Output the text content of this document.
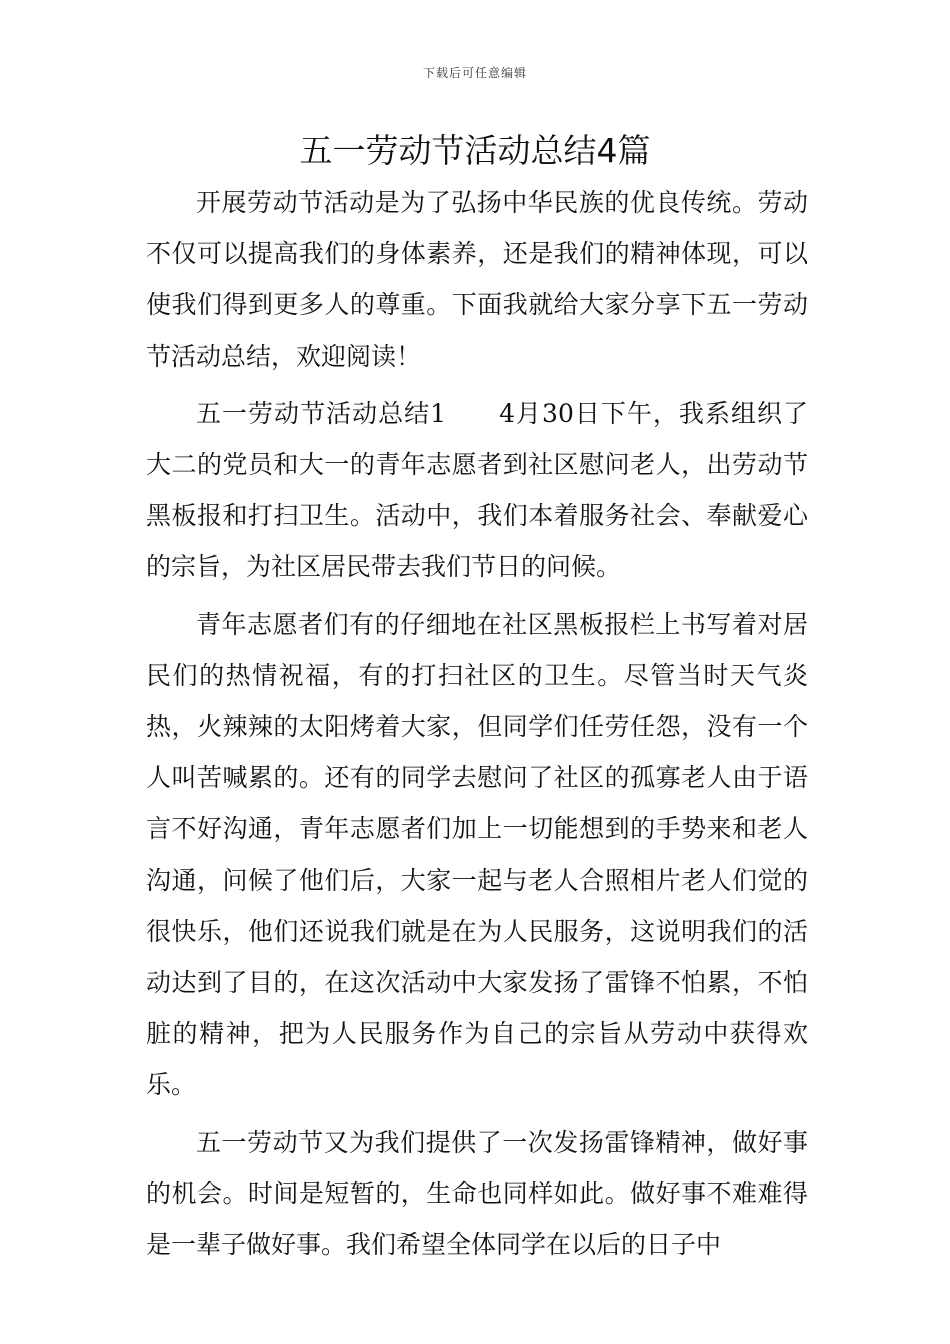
下载后可任意编辑
五一劳动节活动总结4篇

开展劳动节活动是为了弘扬中华民族的优良传统。劳动不仅可以提高我们的身体素养，还是我们的精神体现，可以使我们得到更多人的尊重。下面我就给大家分享下五一劳动节活动总结，欢迎阅读！

五一劳动节活动总结1　　4月30日下午，我系组织了大二的党员和大一的青年志愿者到社区慰问老人，出劳动节黑板报和打扫卫生。活动中，我们本着服务社会、奉献爱心的宗旨，为社区居民带去我们节日的问候。

青年志愿者们有的仔细地在社区黑板报栏上书写着对居民们的热情祝福，有的打扫社区的卫生。尽管当时天气炎热，火辣辣的太阳烤着大家，但同学们任劳任怨，没有一个人叫苦喊累的。还有的同学去慰问了社区的孤寡老人由于语言不好沟通，青年志愿者们加上一切能想到的手势来和老人沟通，问候了他们后，大家一起与老人合照相片老人们觉的很快乐，他们还说我们就是在为人民服务，这说明我们的活动达到了目的，在这次活动中大家发扬了雷锋不怕累，不怕脏的精神，把为人民服务作为自己的宗旨从劳动中获得欢乐。

五一劳动节又为我们提供了一次发扬雷锋精神，做好事的机会。时间是短暂的，生命也同样如此。做好事不难难得是一辈子做好事。我们希望全体同学在以后的日子中
